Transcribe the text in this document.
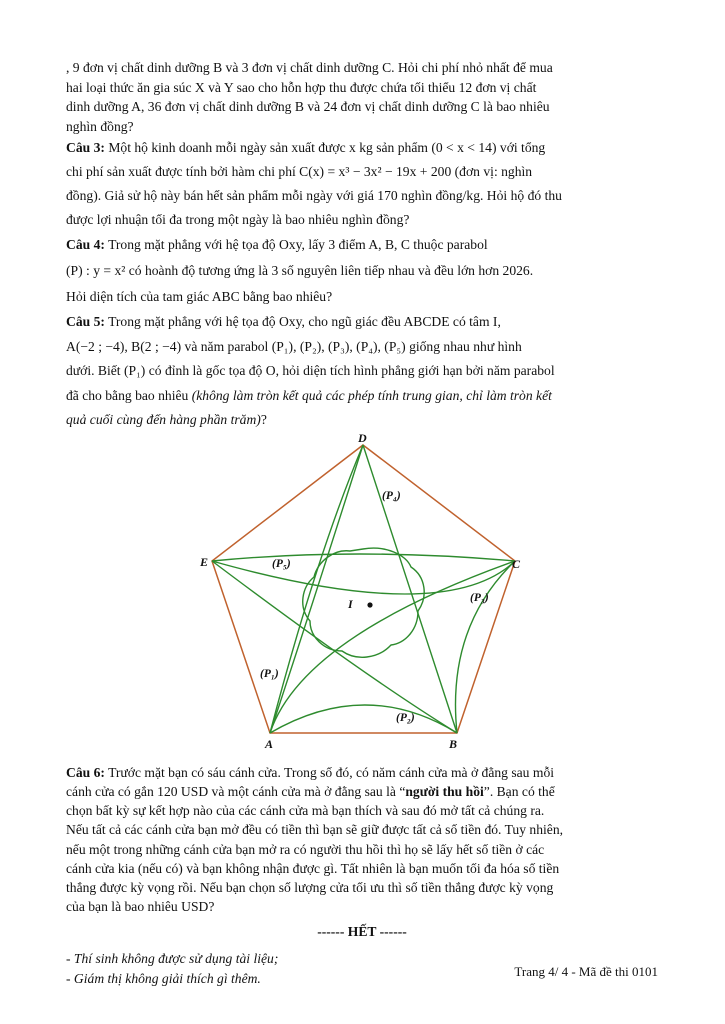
, 9 đơn vị chất dinh dưỡng B và 3 đơn vị chất dinh dưỡng C. Hỏi chi phí nhỏ nhất để mua
hai loại thức ăn gia súc X và Y sao cho hỗn hợp thu được chứa tối thiểu 12 đơn vị chất
dinh dưỡng A, 36 đơn vị chất dinh dưỡng B và 24 đơn vị chất dinh dưỡng C là bao nhiêu
nghìn đồng?

Câu 3: Một hộ kinh doanh mỗi ngày sản xuất được x kg sản phẩm (0 < x < 14) với tổng
chi phí sản xuất được tính bởi hàm chi phí C(x) = x³ − 3x² − 19x + 200 (đơn vị: nghìn
đồng). Giả sử hộ này bán hết sản phẩm mỗi ngày với giá 170 nghìn đồng/kg. Hỏi hộ đó thu
được lợi nhuận tối đa trong một ngày là bao nhiêu nghìn đồng?

Câu 4: Trong mặt phẳng với hệ tọa độ Oxy, lấy 3 điểm A, B, C thuộc parabol
(P) : y = x² có hoành độ tương ứng là 3 số nguyên liên tiếp nhau và đều lớn hơn 2026.
Hỏi diện tích của tam giác ABC bằng bao nhiêu?

Câu 5: Trong mặt phẳng với hệ tọa độ Oxy, cho ngũ giác đều ABCDE có tâm I,
A(−2 ; −4), B(2 ; −4) và năm parabol (P₁), (P₂), (P₃), (P₄), (P₅) giống nhau như hình
dưới. Biết (P₁) có đỉnh là gốc tọa độ O, hỏi diện tích hình phẳng giới hạn bởi năm parabol
đã cho bằng bao nhiêu (không làm tròn kết quả các phép tính trung gian, chỉ làm tròn kết
quả cuối cùng đến hàng phần trăm)?

D
E	C
A	B
I
(P₄)
(P₅)
(P₃)
(P₁)
(P₂)

Câu 6: Trước mặt bạn có sáu cánh cửa. Trong số đó, có năm cánh cửa mà ở đằng sau mỗi
cánh cửa có gắn 120 USD và một cánh cửa mà ở đằng sau là “người thu hồi”. Bạn có thể
chọn bất kỳ sự kết hợp nào của các cánh cửa mà bạn thích và sau đó mở tất cả chúng ra.
Nếu tất cả các cánh cửa bạn mở đều có tiền thì bạn sẽ giữ được tất cả số tiền đó. Tuy nhiên,
nếu một trong những cánh cửa bạn mở ra có người thu hồi thì họ sẽ lấy hết số tiền ở các
cánh cửa kia (nếu có) và bạn không nhận được gì. Tất nhiên là bạn muốn tối đa hóa số tiền
thắng được kỳ vọng rồi. Nếu bạn chọn số lượng cửa tối ưu thì số tiền thắng được kỳ vọng
của bạn là bao nhiêu USD?

------ HẾT ------

- Thí sinh không được sử dụng tài liệu;

- Giám thị không giải thích gì thêm.	Trang 4/ 4 - Mã đề thi 0101
